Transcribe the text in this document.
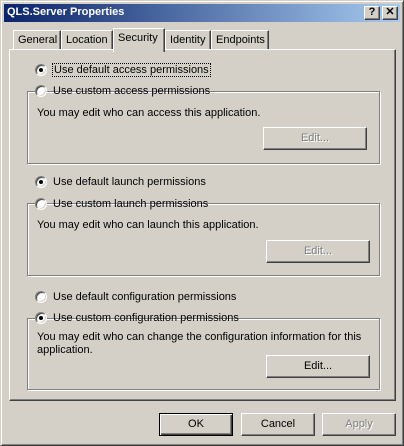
QLS.Server Properties	? ✕
General Location Security	Identity Endpoints
Use default access permissions
Use custom access permissions
You may edit who can access this application.
Edit...
Use default launch permissions
Use custom launch permissions
You may edit who can launch this application.
Edit...
Use default configuration permissions
Use custom configuration permissions
You may edit who can change the configuration information for this application.
Edit...
OK	Cancel	Apply
